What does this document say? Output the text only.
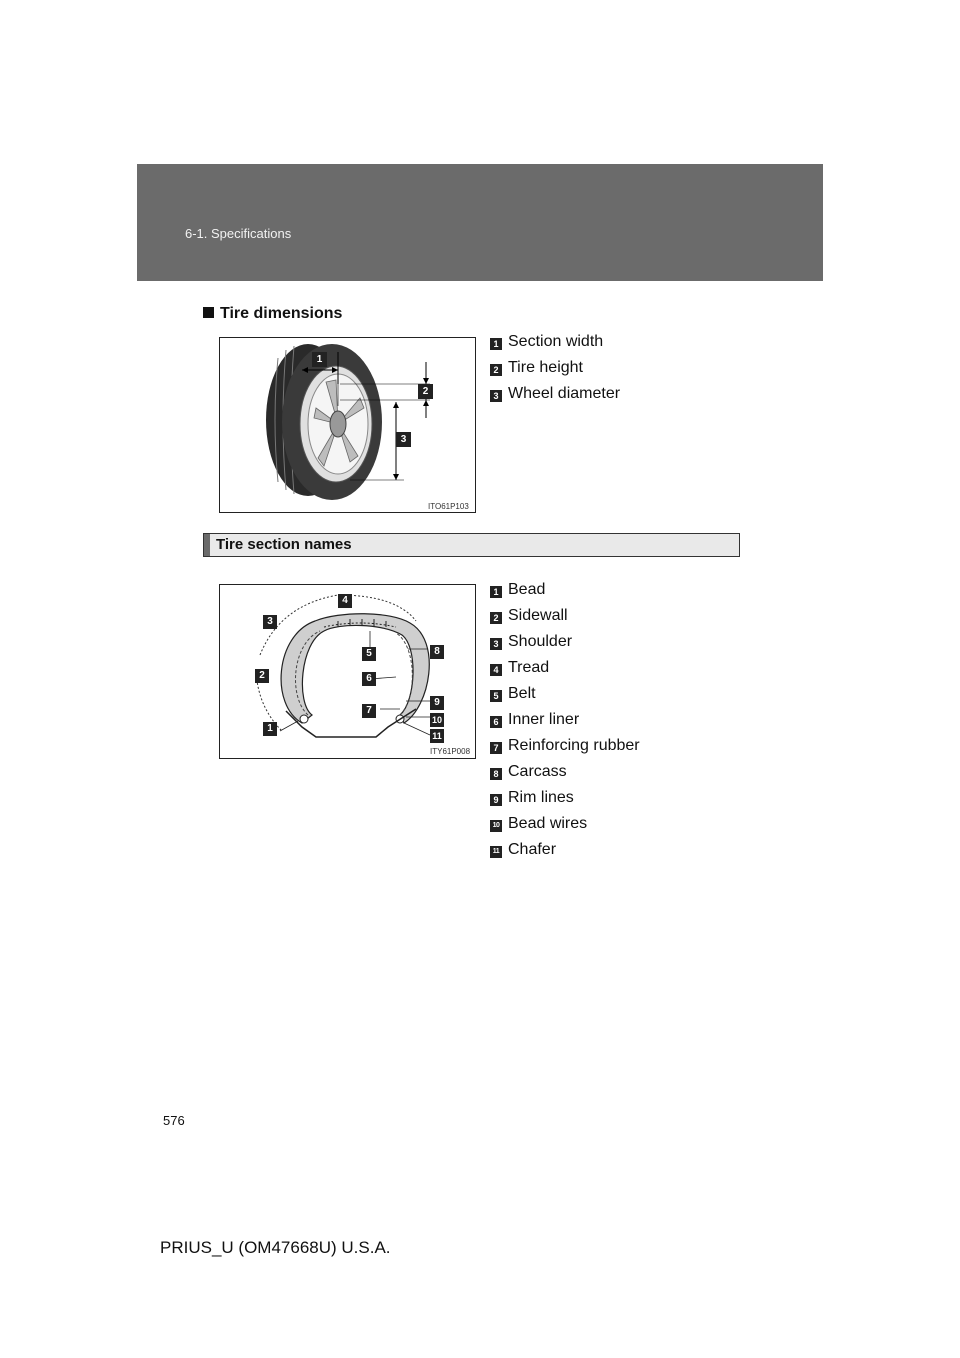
6-1. Specifications
Tire dimensions
1
2
3
ITO61P103
1 Section width
2 Tire height
3 Wheel diameter
Tire section names
4
3
8
5
2	6
9
7
10
1
11
ITY61P008
1 Bead
2 Sidewall
3 Shoulder
4 Tread
5 Belt
6 Inner liner
7 Reinforcing rubber
8 Carcass
9 Rim lines
10 Bead wires
11 Chafer
576
PRIUS_U (OM47668U) U.S.A.
